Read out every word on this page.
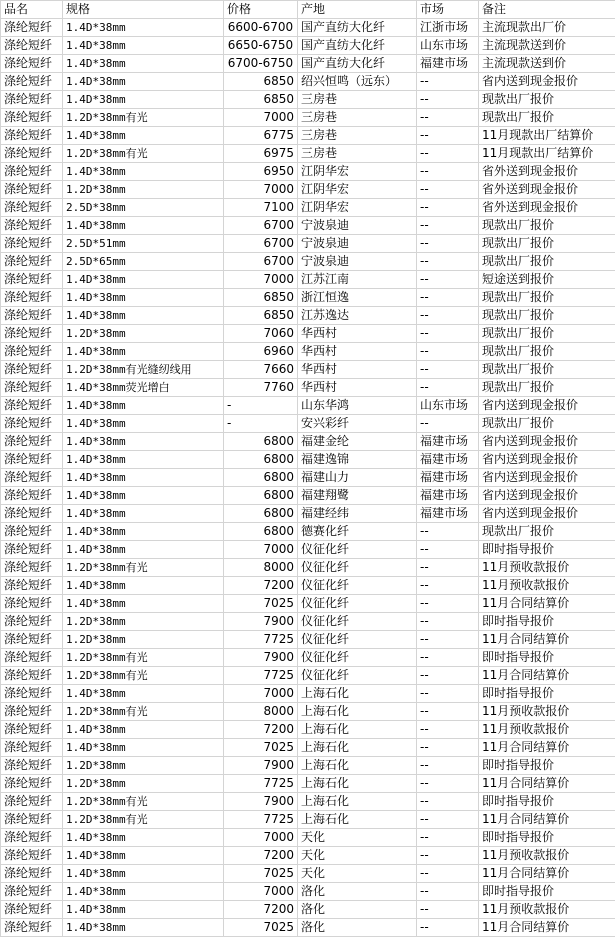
品名	规格	价格	产地	市场	备注
涤纶短纤	1.4D*38mm	6600-6700	国产直纺大化纤	江浙市场	主流现款出厂价
涤纶短纤	1.4D*38mm	6650-6750	国产直纺大化纤	山东市场	主流现款送到价
涤纶短纤	1.4D*38mm	6700-6750	国产直纺大化纤	福建市场	主流现款送到价
涤纶短纤	1.4D*38mm	6850	绍兴恒鸣（远东）	--	省内送到现金报价
涤纶短纤	1.4D*38mm	6850	三房巷	--	现款出厂报价
涤纶短纤	1.2D*38mm有光	7000	三房巷	--	现款出厂报价
涤纶短纤	1.4D*38mm	6775	三房巷	--	11月现款出厂结算价
涤纶短纤	1.2D*38mm有光	6975	三房巷	--	11月现款出厂结算价
涤纶短纤	1.4D*38mm	6950	江阴华宏	--	省外送到现金报价
涤纶短纤	1.2D*38mm	7000	江阴华宏	--	省外送到现金报价
涤纶短纤	2.5D*38mm	7100	江阴华宏	--	省外送到现金报价
涤纶短纤	1.4D*38mm	6700	宁波泉迪	--	现款出厂报价
涤纶短纤	2.5D*51mm	6700	宁波泉迪	--	现款出厂报价
涤纶短纤	2.5D*65mm	6700	宁波泉迪	--	现款出厂报价
涤纶短纤	1.4D*38mm	7000	江苏江南	--	短途送到报价
涤纶短纤	1.4D*38mm	6850	浙江恒逸	--	现款出厂报价
涤纶短纤	1.4D*38mm	6850	江苏逸达	--	现款出厂报价
涤纶短纤	1.2D*38mm	7060	华西村	--	现款出厂报价
涤纶短纤	1.4D*38mm	6960	华西村	--	现款出厂报价
涤纶短纤	1.2D*38mm有光缝纫线用	7660	华西村	--	现款出厂报价
涤纶短纤	1.4D*38mm荧光增白	7760	华西村	--	现款出厂报价
涤纶短纤	1.4D*38mm	-	山东华鸿	山东市场	省内送到现金报价
涤纶短纤	1.4D*38mm	-	安兴彩纤	--	现款出厂报价
涤纶短纤	1.4D*38mm	6800	福建金纶	福建市场	省内送到现金报价
涤纶短纤	1.4D*38mm	6800	福建逸锦	福建市场	省内送到现金报价
涤纶短纤	1.4D*38mm	6800	福建山力	福建市场	省内送到现金报价
涤纶短纤	1.4D*38mm	6800	福建翔鹭	福建市场	省内送到现金报价
涤纶短纤	1.4D*38mm	6800	福建经纬	福建市场	省内送到现金报价
涤纶短纤	1.4D*38mm	6800	德赛化纤	--	现款出厂报价
涤纶短纤	1.4D*38mm	7000	仪征化纤	--	即时指导报价
涤纶短纤	1.2D*38mm有光	8000	仪征化纤	--	11月预收款报价
涤纶短纤	1.4D*38mm	7200	仪征化纤	--	11月预收款报价
涤纶短纤	1.4D*38mm	7025	仪征化纤	--	11月合同结算价
涤纶短纤	1.2D*38mm	7900	仪征化纤	--	即时指导报价
涤纶短纤	1.2D*38mm	7725	仪征化纤	--	11月合同结算价
涤纶短纤	1.2D*38mm有光	7900	仪征化纤	--	即时指导报价
涤纶短纤	1.2D*38mm有光	7725	仪征化纤	--	11月合同结算价
涤纶短纤	1.4D*38mm	7000	上海石化	--	即时指导报价
涤纶短纤	1.2D*38mm有光	8000	上海石化	--	11月预收款报价
涤纶短纤	1.4D*38mm	7200	上海石化	--	11月预收款报价
涤纶短纤	1.4D*38mm	7025	上海石化	--	11月合同结算价
涤纶短纤	1.2D*38mm	7900	上海石化	--	即时指导报价
涤纶短纤	1.2D*38mm	7725	上海石化	--	11月合同结算价
涤纶短纤	1.2D*38mm有光	7900	上海石化	--	即时指导报价
涤纶短纤	1.2D*38mm有光	7725	上海石化	--	11月合同结算价
涤纶短纤	1.4D*38mm	7000	天化	--	即时指导报价
涤纶短纤	1.4D*38mm	7200	天化	--	11月预收款报价
涤纶短纤	1.4D*38mm	7025	天化	--	11月合同结算价
涤纶短纤	1.4D*38mm	7000	洛化	--	即时指导报价
涤纶短纤	1.4D*38mm	7200	洛化	--	11月预收款报价
涤纶短纤	1.4D*38mm	7025	洛化	--	11月合同结算价
